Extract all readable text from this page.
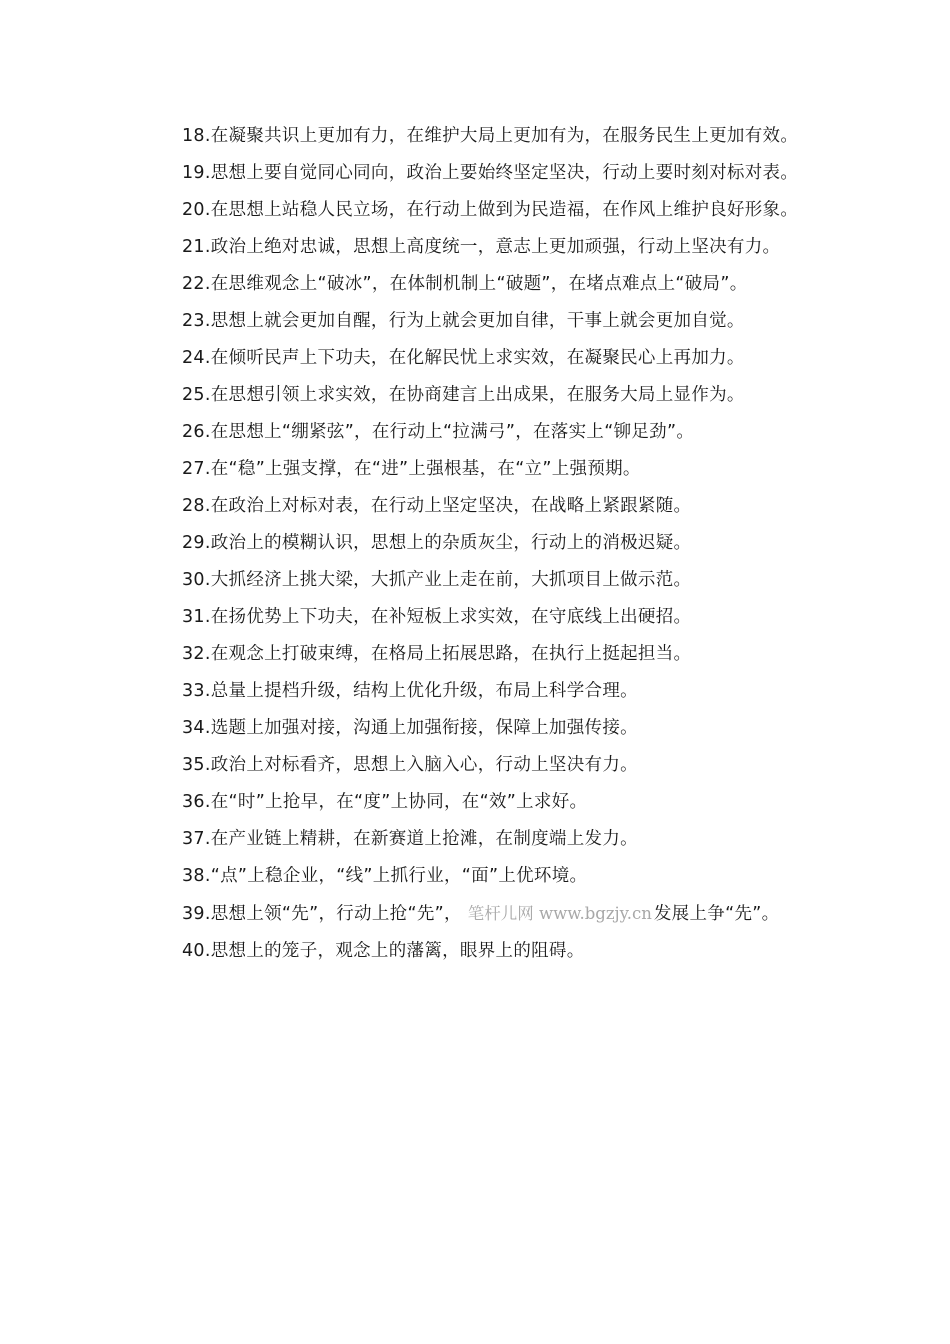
18.在凝聚共识上更加有力，在维护大局上更加有为，在服务民生上更加有效。

19.思想上要自觉同心同向，政治上要始终坚定坚决，行动上要时刻对标对表。

20.在思想上站稳人民立场，在行动上做到为民造福，在作风上维护良好形象。

21.政治上绝对忠诚，思想上高度统一，意志上更加顽强，行动上坚决有力。

22.在思维观念上“破冰”，在体制机制上“破题”，在堵点难点上“破局”。

23.思想上就会更加自醒，行为上就会更加自律，干事上就会更加自觉。

24.在倾听民声上下功夫，在化解民忧上求实效，在凝聚民心上再加力。

25.在思想引领上求实效，在协商建言上出成果，在服务大局上显作为。

26.在思想上“绷紧弦”，在行动上“拉满弓”，在落实上“铆足劲”。

27.在“稳”上强支撑，在“进”上强根基，在“立”上强预期。

28.在政治上对标对表，在行动上坚定坚决，在战略上紧跟紧随。

29.政治上的模糊认识，思想上的杂质灰尘，行动上的消极迟疑。

30.大抓经济上挑大梁，大抓产业上走在前，大抓项目上做示范。

31.在扬优势上下功夫，在补短板上求实效，在守底线上出硬招。

32.在观念上打破束缚，在格局上拓展思路，在执行上挺起担当。

33.总量上提档升级，结构上优化升级，布局上科学合理。

34.选题上加强对接，沟通上加强衔接，保障上加强传接。

35.政治上对标看齐，思想上入脑入心，行动上坚决有力。

36.在“时”上抢早，在“度”上协同，在“效”上求好。

37.在产业链上精耕，在新赛道上抢滩，在制度端上发力。

38.“点”上稳企业，“线”上抓行业，“面”上优环境。

39.思想上领“先”，行动上抢“先”， 笔杆儿网 www.bgzjy.cn 发展上争“先”。

40.思想上的笼子，观念上的藩篱，眼界上的阻碍。
